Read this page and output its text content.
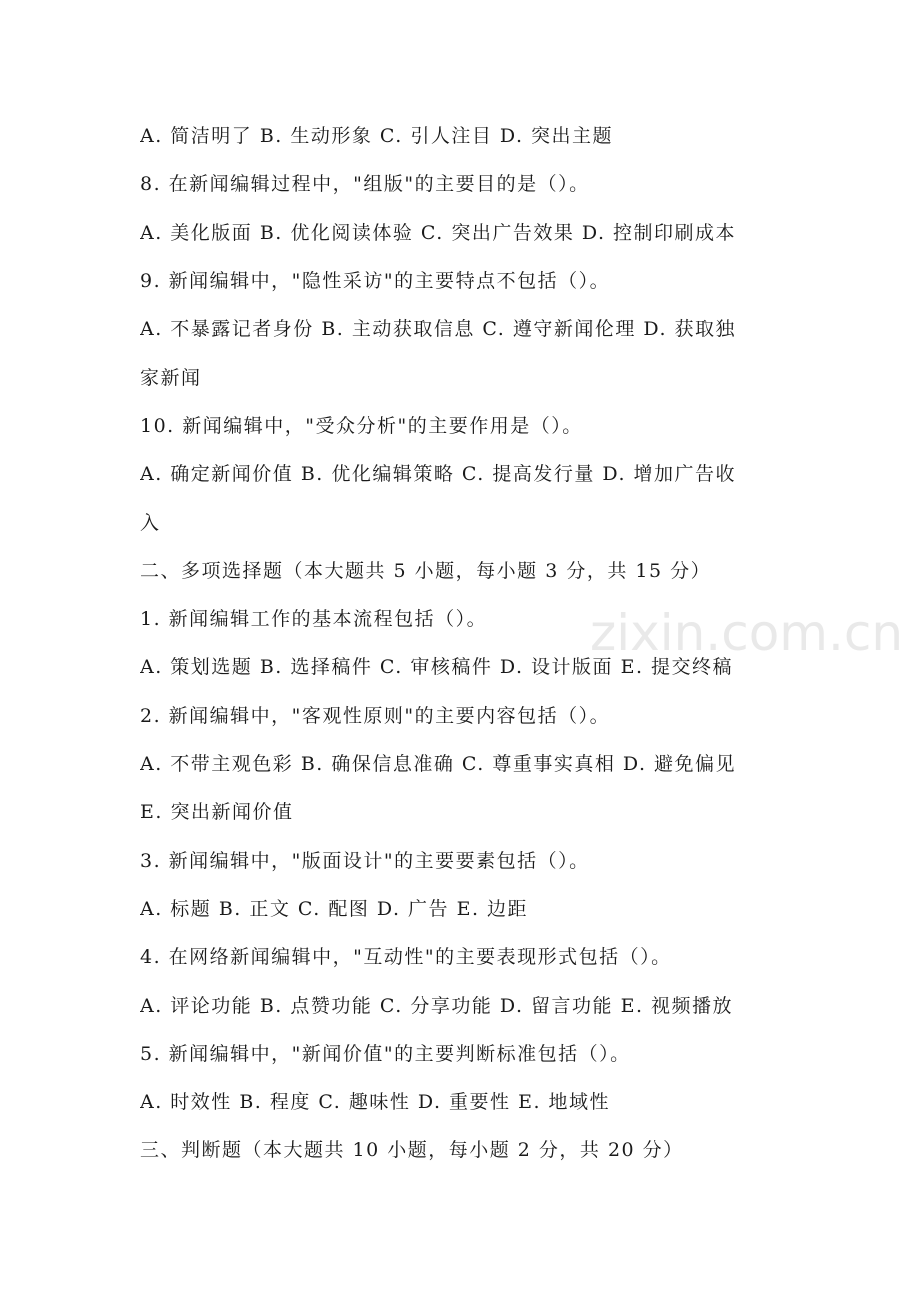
A. 简洁明了 B. 生动形象 C. 引人注目 D. 突出主题
8. 在新闻编辑过程中，"组版"的主要目的是（）。
A. 美化版面 B. 优化阅读体验 C. 突出广告效果 D. 控制印刷成本
9. 新闻编辑中，"隐性采访"的主要特点不包括（）。
A. 不暴露记者身份 B. 主动获取信息 C. 遵守新闻伦理 D. 获取独
家新闻
10. 新闻编辑中，"受众分析"的主要作用是（）。
A. 确定新闻价值 B. 优化编辑策略 C. 提高发行量 D. 增加广告收
入
二、多项选择题（本大题共 5 小题，每小题 3 分，共 15 分）
1. 新闻编辑工作的基本流程包括（）。
A. 策划选题 B. 选择稿件 C. 审核稿件 D. 设计版面 E. 提交终稿
2. 新闻编辑中，"客观性原则"的主要内容包括（）。
A. 不带主观色彩 B. 确保信息准确 C. 尊重事实真相 D. 避免偏见
E. 突出新闻价值
3. 新闻编辑中，"版面设计"的主要要素包括（）。
A. 标题 B. 正文 C. 配图 D. 广告 E. 边距
4. 在网络新闻编辑中，"互动性"的主要表现形式包括（）。
A. 评论功能 B. 点赞功能 C. 分享功能 D. 留言功能 E. 视频播放
5. 新闻编辑中，"新闻价值"的主要判断标准包括（）。
A. 时效性 B. 程度 C. 趣味性 D. 重要性 E. 地域性
三、判断题（本大题共 10 小题，每小题 2 分，共 20 分）
zixin.com.cn
